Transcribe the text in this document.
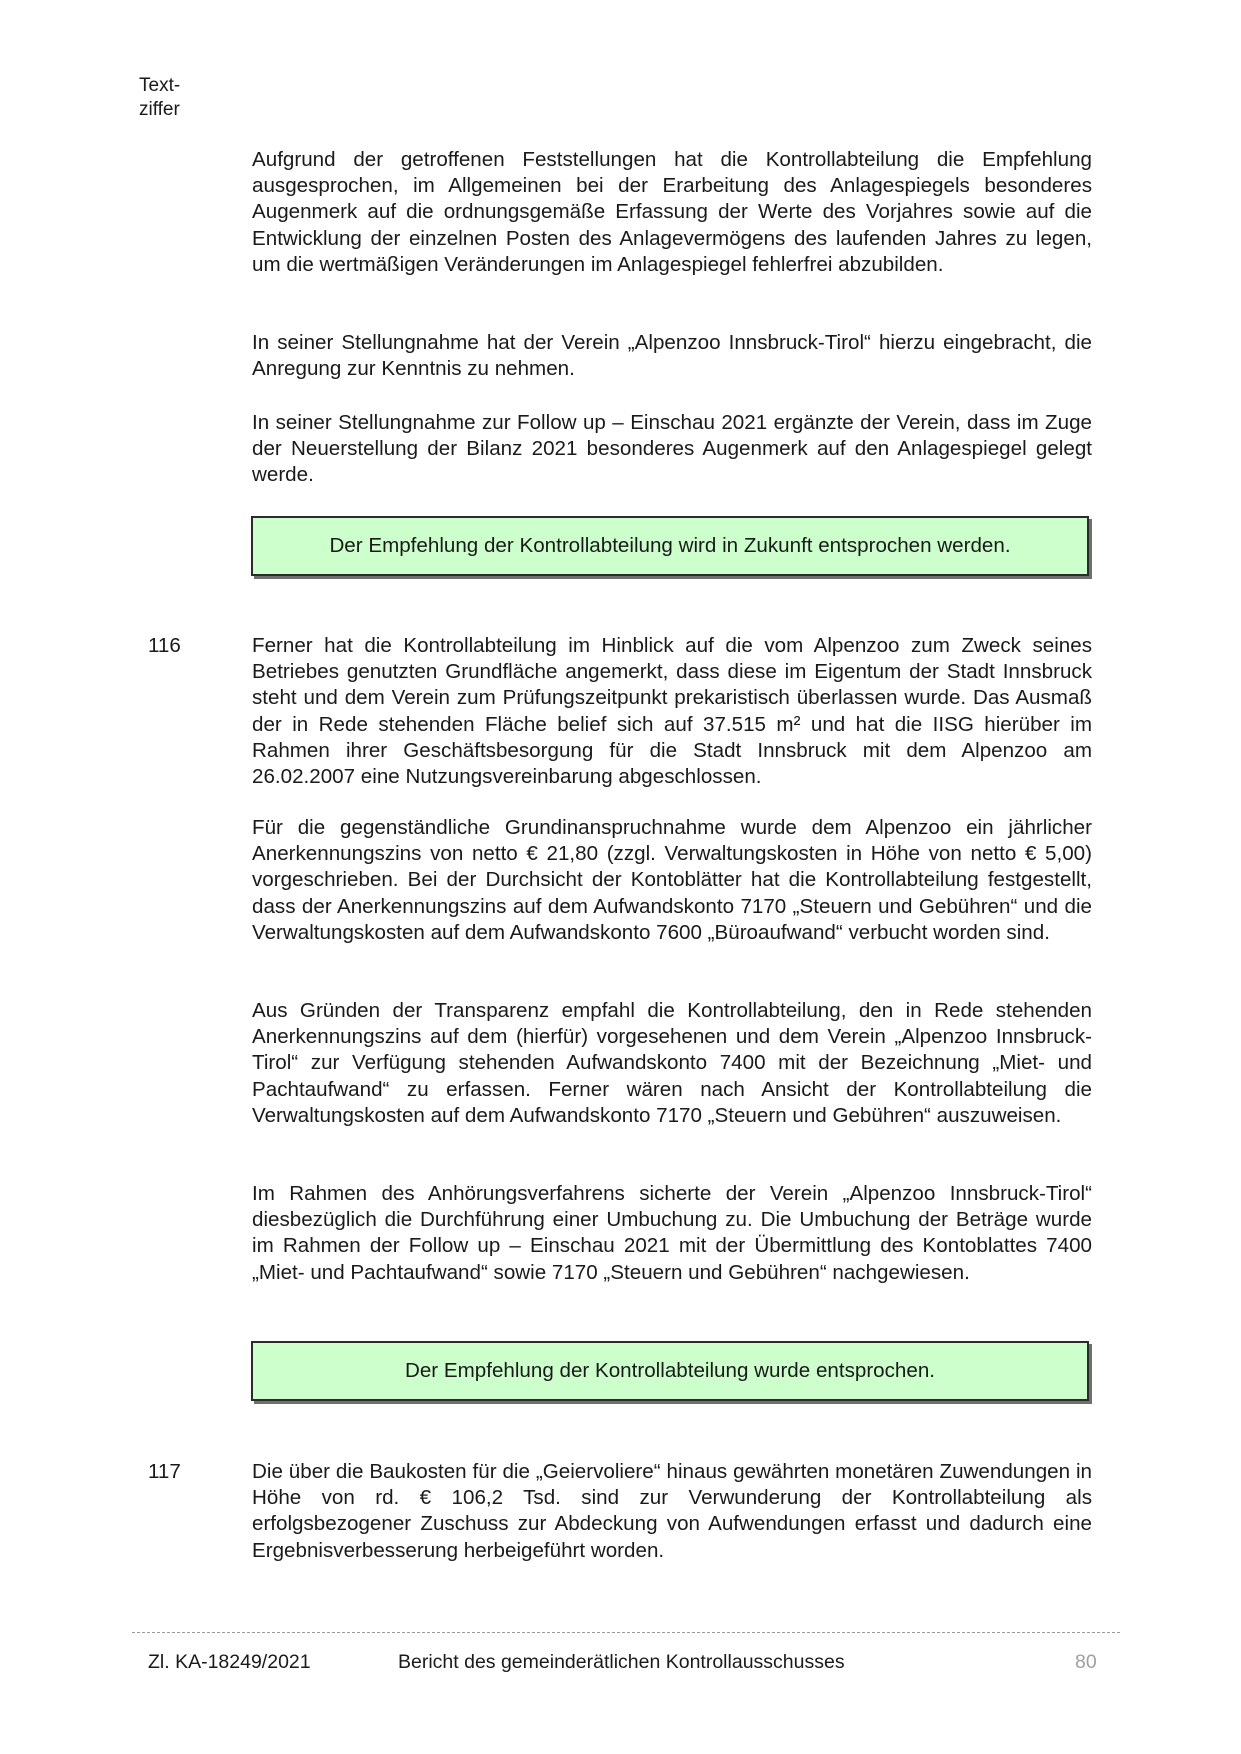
Text-
ziffer

Aufgrund der getroffenen Feststellungen hat die Kontrollabteilung die Empfehlung ausgesprochen, im Allgemeinen bei der Erarbeitung des Anlagespiegels besonderes Augenmerk auf die ordnungsgemäße Erfassung der Werte des Vorjahres sowie auf die Entwicklung der einzelnen Posten des Anlagevermögens des laufenden Jahres zu legen, um die wertmäßigen Veränderungen im Anlagespiegel fehlerfrei abzubilden.

In seiner Stellungnahme hat der Verein „Alpenzoo Innsbruck-Tirol“ hierzu eingebracht, die Anregung zur Kenntnis zu nehmen.

In seiner Stellungnahme zur Follow up – Einschau 2021 ergänzte der Verein, dass im Zuge der Neuerstellung der Bilanz 2021 besonderes Augenmerk auf den Anlagespiegel gelegt werde.

Der Empfehlung der Kontrollabteilung wird in Zukunft entsprochen werden.
116	Ferner hat die Kontrollabteilung im Hinblick auf die vom Alpenzoo zum Zweck seines Betriebes genutzten Grundfläche angemerkt, dass diese im Eigentum der Stadt Innsbruck steht und dem Verein zum Prüfungszeitpunkt prekaristisch überlassen wurde. Das Ausmaß der in Rede stehenden Fläche belief sich auf 37.515 m² und hat die IISG hierüber im Rahmen ihrer Geschäftsbesorgung für die Stadt Innsbruck mit dem Alpenzoo am 26.02.2007 eine Nutzungsvereinbarung abgeschlossen.

Für die gegenständliche Grundinanspruchnahme wurde dem Alpenzoo ein jährlicher Anerkennungszins von netto € 21,80 (zzgl. Verwaltungskosten in Höhe von netto € 5,00) vorgeschrieben. Bei der Durchsicht der Kontoblätter hat die Kontrollabteilung festgestellt, dass der Anerkennungszins auf dem Aufwandskonto 7170 „Steuern und Gebühren“ und die Verwaltungskosten auf dem Aufwandskonto 7600 „Büroaufwand“ verbucht worden sind.

Aus Gründen der Transparenz empfahl die Kontrollabteilung, den in Rede stehenden Anerkennungszins auf dem (hierfür) vorgesehenen und dem Verein „Alpenzoo Innsbruck-Tirol“ zur Verfügung stehenden Aufwandskonto 7400 mit der Bezeichnung „Miet- und Pachtaufwand“ zu erfassen. Ferner wären nach Ansicht der Kontrollabteilung die Verwaltungskosten auf dem Aufwandskonto 7170 „Steuern und Gebühren“ auszuweisen.

Im Rahmen des Anhörungsverfahrens sicherte der Verein „Alpenzoo Innsbruck-Tirol“ diesbezüglich die Durchführung einer Umbuchung zu. Die Umbuchung der Beträge wurde im Rahmen der Follow up – Einschau 2021 mit der Übermittlung des Kontoblattes 7400 „Miet- und Pachtaufwand“ sowie 7170 „Steuern und Gebühren“ nachgewiesen.

Der Empfehlung der Kontrollabteilung wurde entsprochen.
117	Die über die Baukosten für die „Geiervoliere“ hinaus gewährten monetären Zuwendungen in Höhe von rd. € 106,2 Tsd. sind zur Verwunderung der Kontrollabteilung als erfolgsbezogener Zuschuss zur Abdeckung von Aufwendungen erfasst und dadurch eine Ergebnisverbesserung herbeigeführt worden.

Zl. KA-18249/2021	Bericht des gemeinderätlichen Kontrollausschusses	80
